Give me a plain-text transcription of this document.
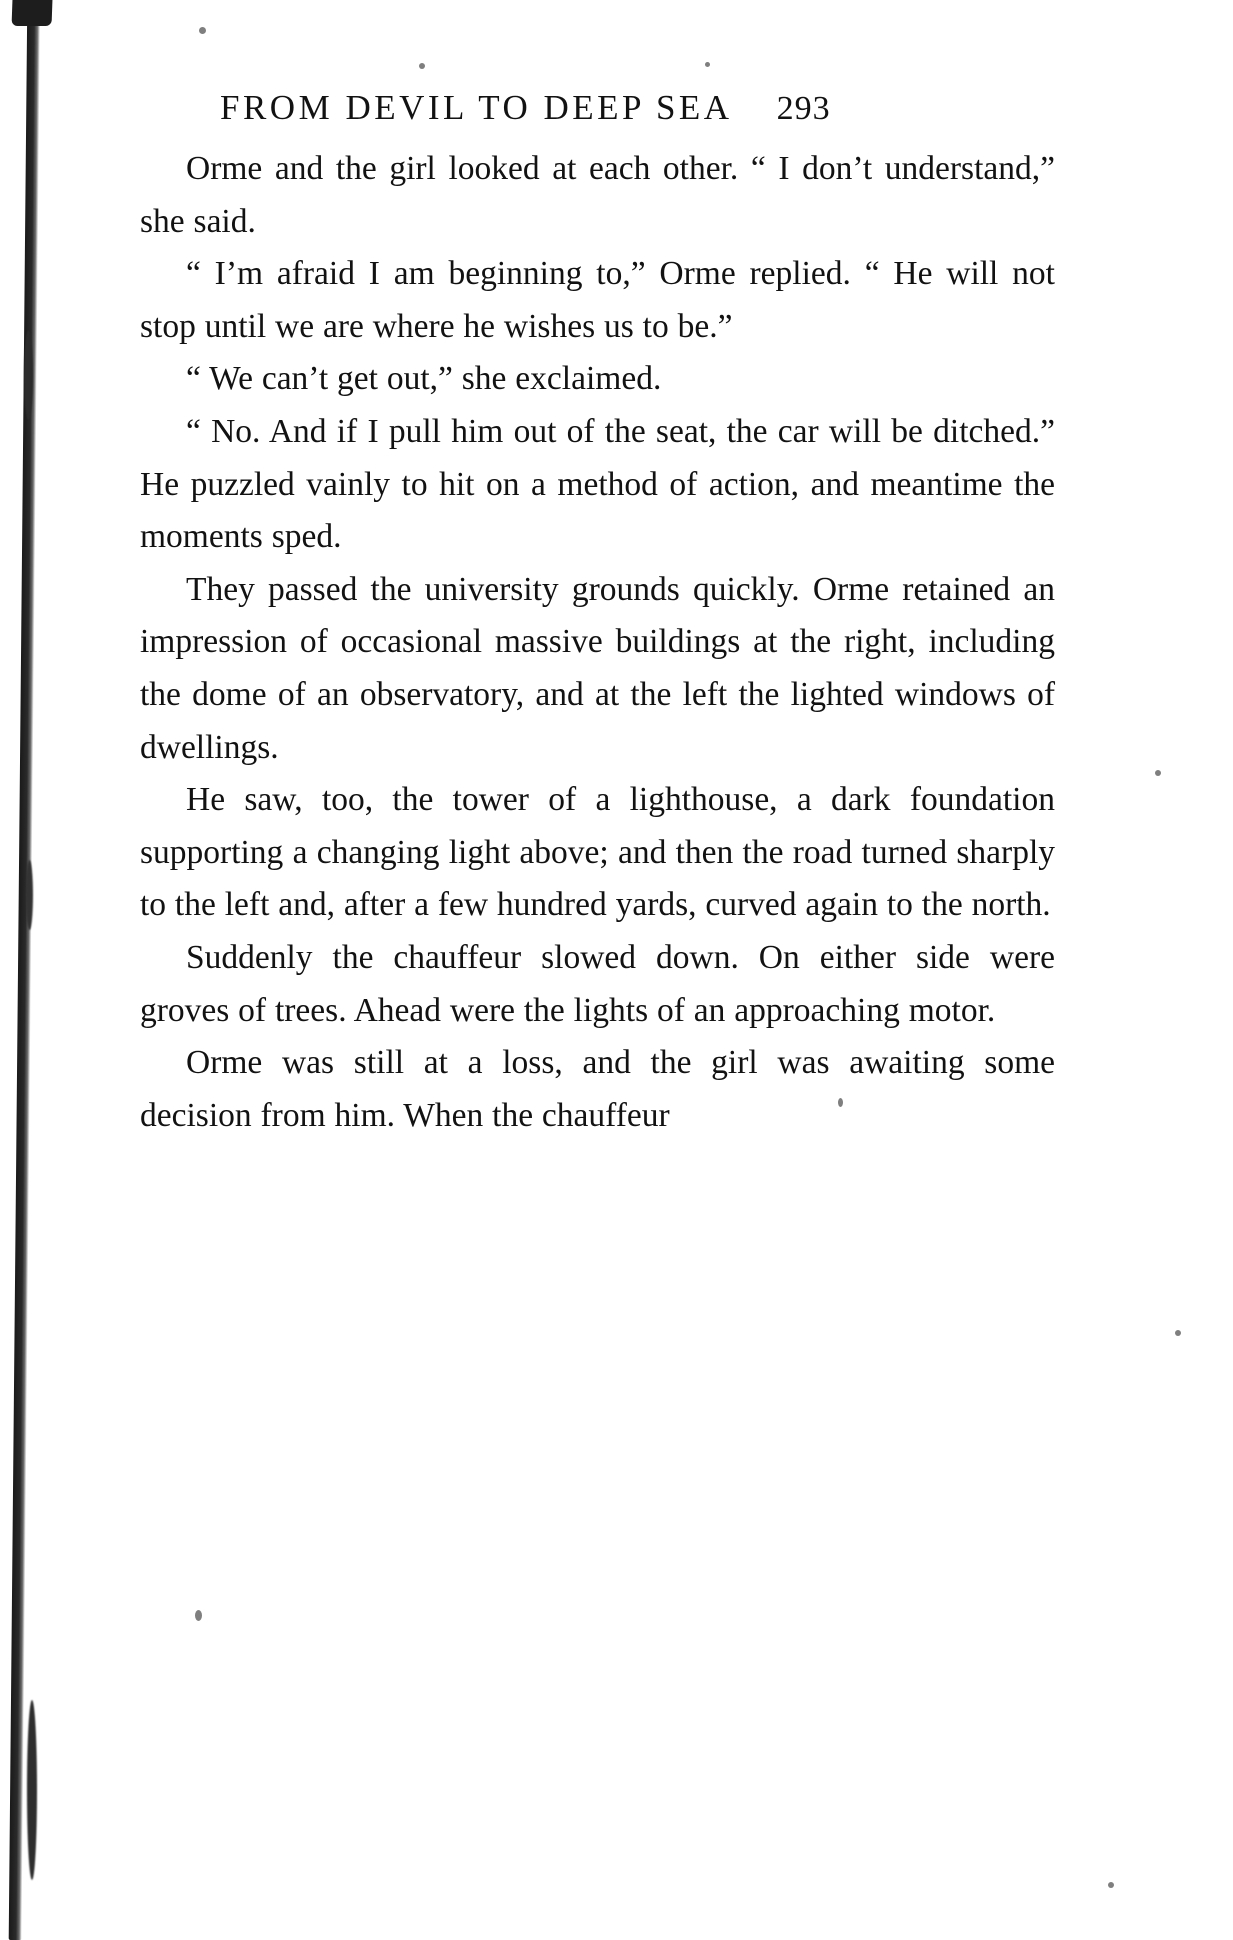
FROM DEVIL TO DEEP SEA	293

Orme and the girl looked at each other. “ I don’t understand,” she said.

“ I’m afraid I am beginning to,” Orme replied. “ He will not stop until we are where he wishes us to be.”

“ We can’t get out,” she exclaimed.

“ No. And if I pull him out of the seat, the car will be ditched.” He puzzled vainly to hit on a method of action, and meantime the moments sped.

They passed the university grounds quickly. Orme retained an impression of occasional massive buildings at the right, including the dome of an observatory, and at the left the lighted windows of dwellings.

He saw, too, the tower of a lighthouse, a dark foundation supporting a changing light above; and then the road turned sharply to the left and, after a few hundred yards, curved again to the north.

Suddenly the chauffeur slowed down. On either side were groves of trees. Ahead were the lights of an approaching motor.

Orme was still at a loss, and the girl was awaiting some decision from him. When the chauffeur
